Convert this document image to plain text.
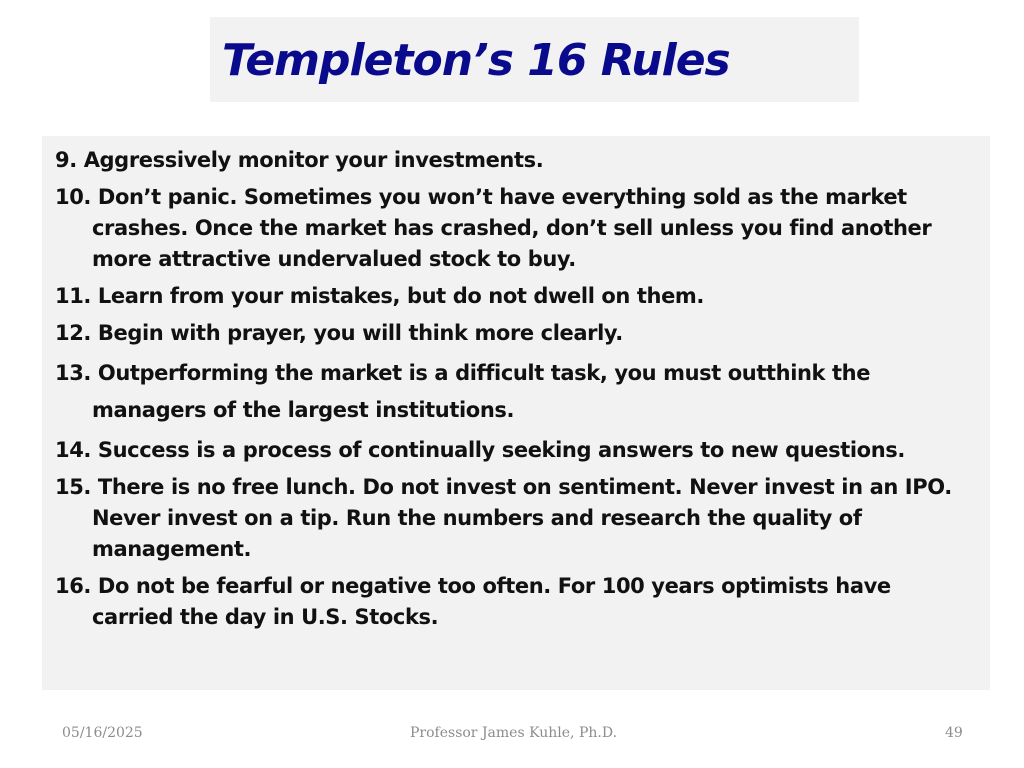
Templeton’s 16 Rules
9. Aggressively monitor your investments.
10. Don’t panic. Sometimes you won’t have everything sold as the market crashes. Once the market has crashed, don’t sell unless you find another more attractive undervalued stock to buy.
11. Learn from your mistakes, but do not dwell on them.
12. Begin with prayer, you will think more clearly.
13. Outperforming the market is a difficult task, you must outthink the managers of the largest institutions.
14. Success is a process of continually seeking answers to new questions.
15. There is no free lunch. Do not invest on sentiment. Never invest in an IPO. Never invest on a tip. Run the numbers and research the quality of management.
16. Do not be fearful or negative too often. For 100 years optimists have carried the day in U.S. Stocks.
05/16/2025	Professor James Kuhle, Ph.D.	49
